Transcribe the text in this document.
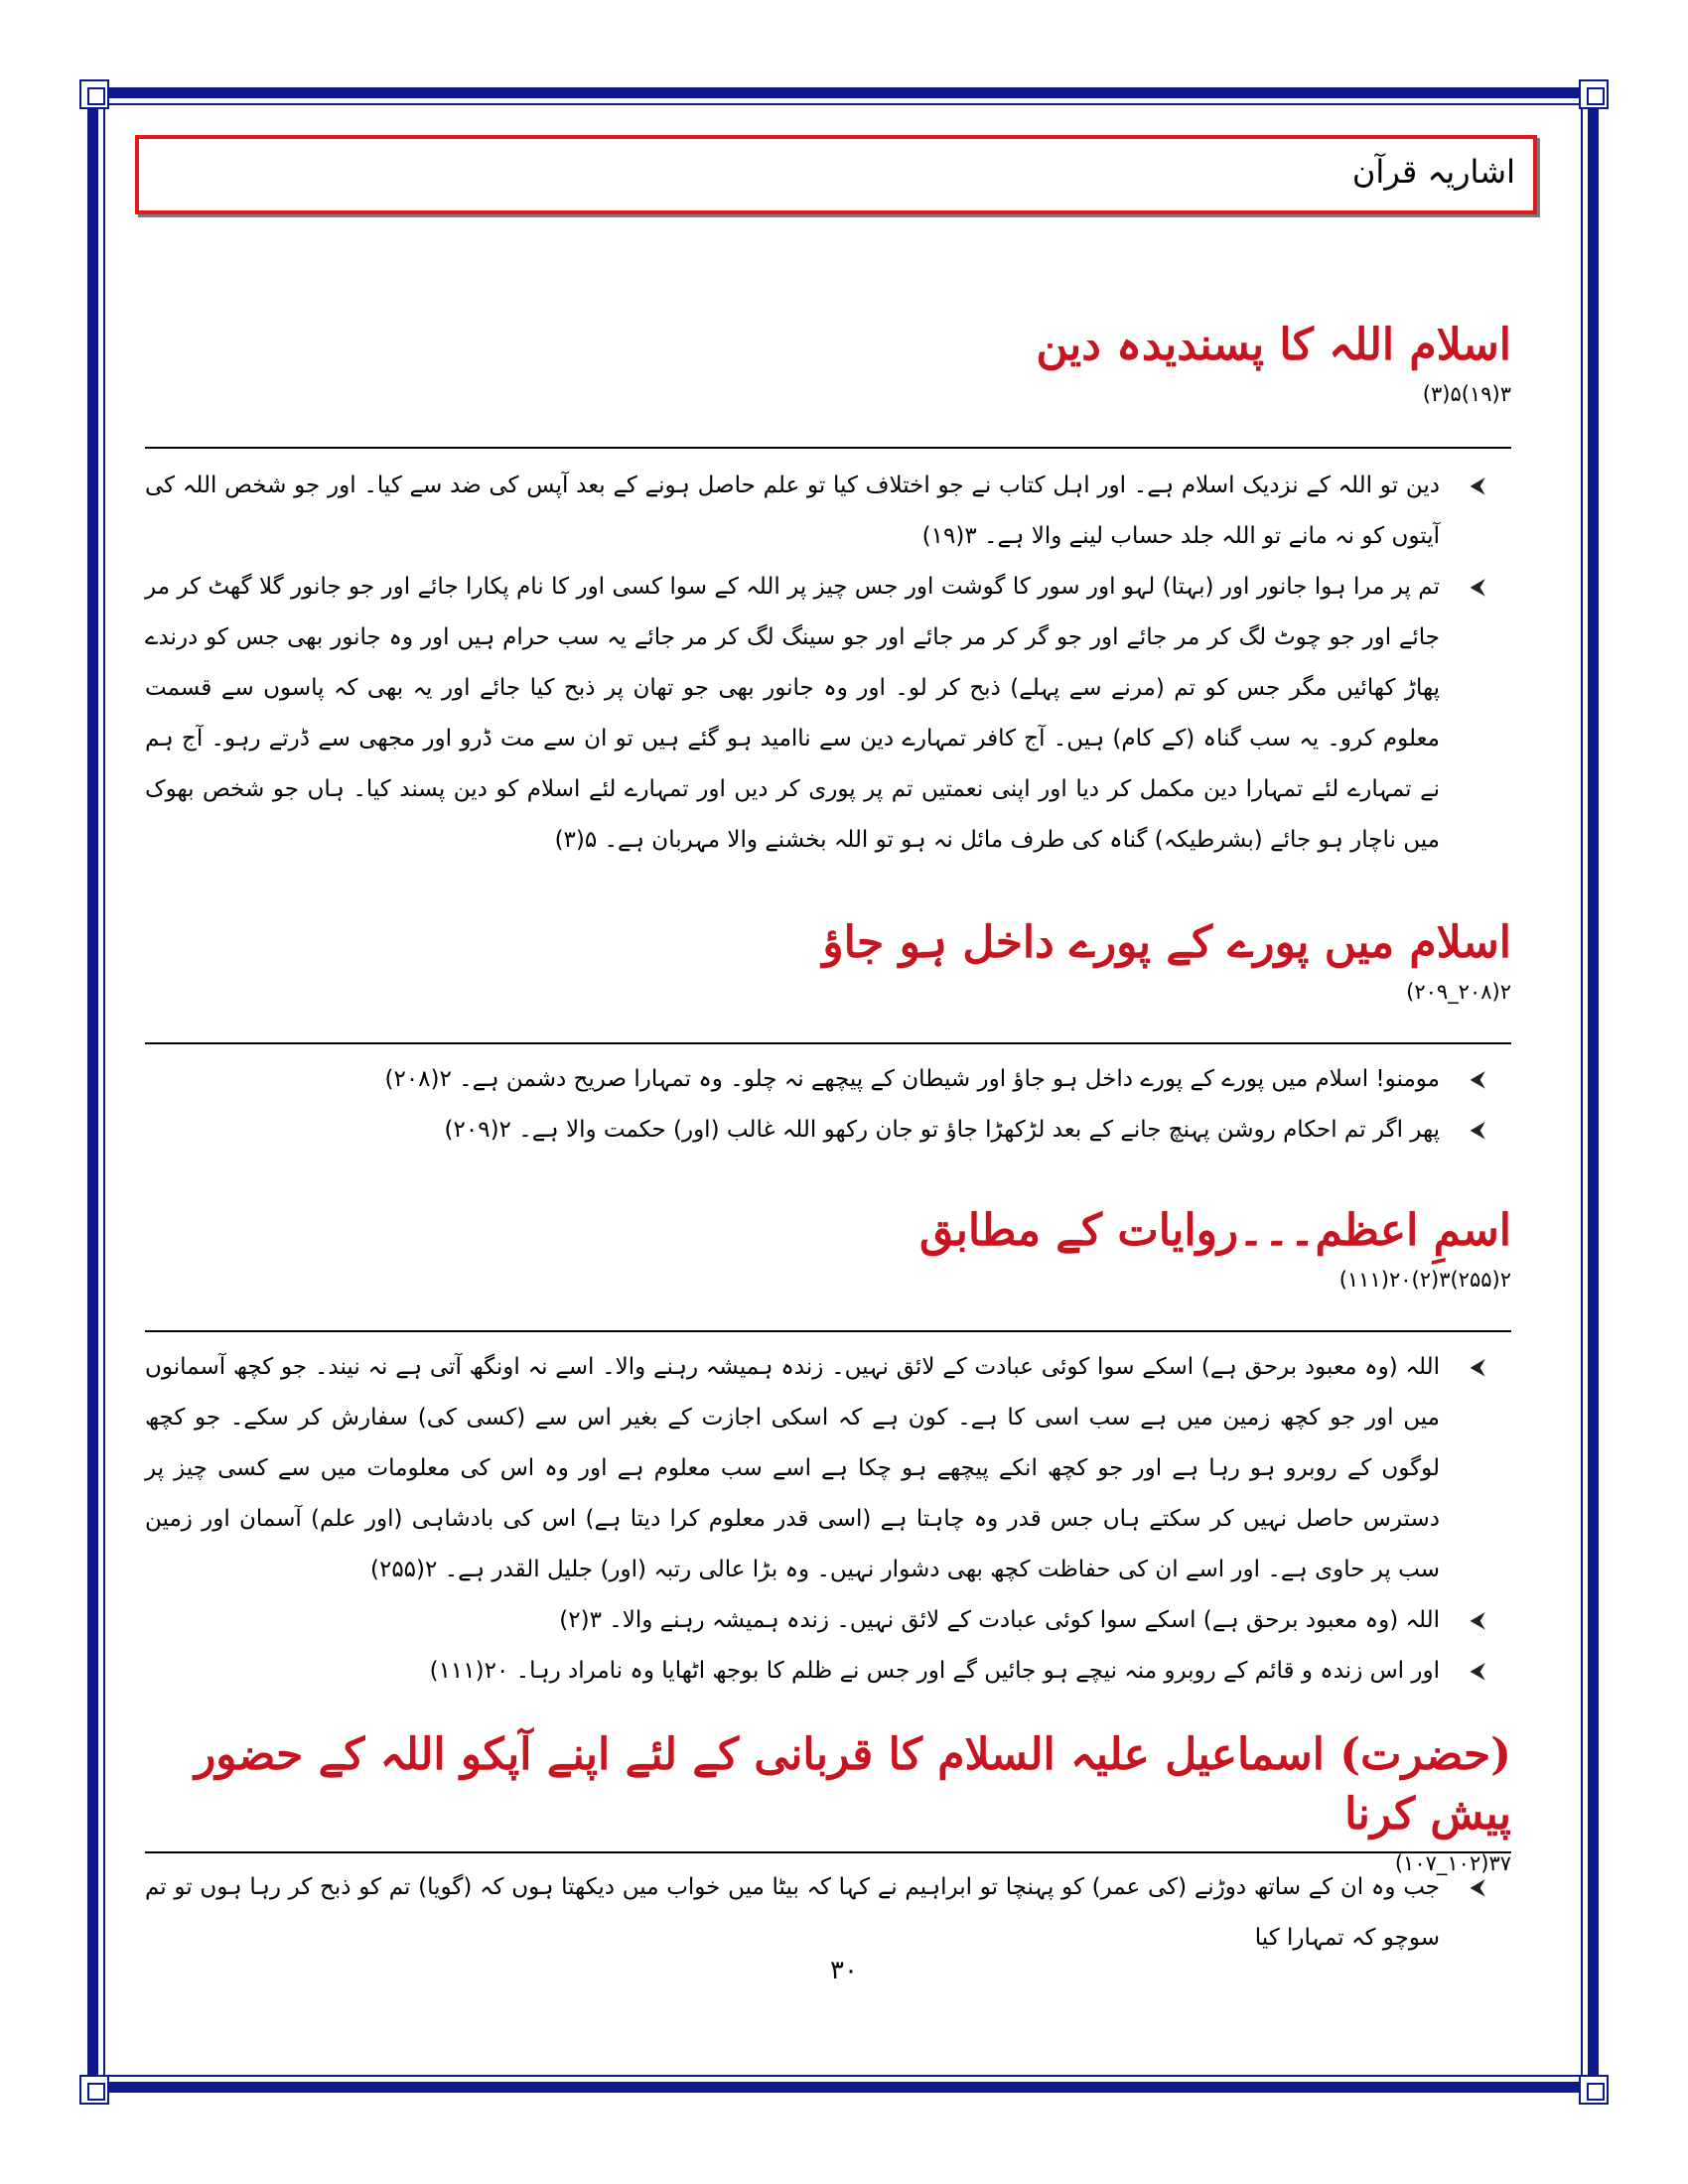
اشاریہ قرآن
اسلام اللہ کا پسندیدہ دین
۳(۱۹)۵(۳)
⮜
دین تو اللہ کے نزدیک اسلام ہے۔ اور اہل کتاب نے جو اختلاف کیا تو علم حاصل ہونے کے بعد آپس کی ضد سے کیا۔ اور جو شخص اللہ کی آیتوں کو نہ مانے تو اللہ جلد حساب لینے والا ہے۔ ۳(۱۹)
⮜
تم پر مرا ہوا جانور اور (بہتا) لہو اور سور کا گوشت اور جس چیز پر اللہ کے سوا کسی اور کا نام پکارا جائے اور جو جانور گلا گھٹ کر مر جائے اور جو چوٹ لگ کر مر جائے اور جو گر کر مر جائے اور جو سینگ لگ کر مر جائے یہ سب حرام ہیں اور وہ جانور بھی جس کو درندے پھاڑ کھائیں مگر جس کو تم (مرنے سے پہلے) ذبح کر لو۔ اور وہ جانور بھی جو تھان پر ذبح کیا جائے اور یہ بھی کہ پاسوں سے قسمت معلوم کرو۔ یہ سب گناہ (کے کام) ہیں۔ آج کافر تمہارے دین سے ناامید ہو گئے ہیں تو ان سے مت ڈرو اور مجھی سے ڈرتے رہو۔ آج ہم نے تمہارے لئے تمہارا دین مکمل کر دیا اور اپنی نعمتیں تم پر پوری کر دیں اور تمہارے لئے اسلام کو دین پسند کیا۔ ہاں جو شخص بھوک میں ناچار ہو جائے (بشرطیکہ) گناہ کی طرف مائل نہ ہو تو اللہ بخشنے والا مہربان ہے۔ ۵(۳)
اسلام میں پورے کے پورے داخل ہو جاؤ
۲(۲۰۸_۲۰۹)
⮜
مومنو! اسلام میں پورے کے پورے داخل ہو جاؤ اور شیطان کے پیچھے نہ چلو۔ وہ تمہارا صریح دشمن ہے۔ ۲(۲۰۸)
⮜
پھر اگر تم احکام روشن پہنچ جانے کے بعد لڑکھڑا جاؤ تو جان رکھو اللہ غالب (اور) حکمت والا ہے۔ ۲(۲۰۹)
اسمِ اعظم۔۔۔روایات کے مطابق
۲(۲۵۵)۳(۲)۲۰(۱۱۱)
⮜
اللہ (وہ معبود برحق ہے) اسکے سوا کوئی عبادت کے لائق نہیں۔ زندہ ہمیشہ رہنے والا۔ اسے نہ اونگھ آتی ہے نہ نیند۔ جو کچھ آسمانوں میں اور جو کچھ زمین میں ہے سب اسی کا ہے۔ کون ہے کہ اسکی اجازت کے بغیر اس سے (کسی کی) سفارش کر سکے۔ جو کچھ لوگوں کے روبرو ہو رہا ہے اور جو کچھ انکے پیچھے ہو چکا ہے اسے سب معلوم ہے اور وہ اس کی معلومات میں سے کسی چیز پر دسترس حاصل نہیں کر سکتے ہاں جس قدر وہ چاہتا ہے (اسی قدر معلوم کرا دیتا ہے) اس کی بادشاہی (اور علم) آسمان اور زمین سب پر حاوی ہے۔ اور اسے ان کی حفاظت کچھ بھی دشوار نہیں۔ وہ بڑا عالی رتبہ (اور) جلیل القدر ہے۔ ۲(۲۵۵)
⮜
اللہ (وہ معبود برحق ہے) اسکے سوا کوئی عبادت کے لائق نہیں۔ زندہ ہمیشہ رہنے والا۔ ۳(۲)
⮜
اور اس زندہ و قائم کے روبرو منہ نیچے ہو جائیں گے اور جس نے ظلم کا بوجھ اٹھایا وہ نامراد رہا۔ ۲۰(۱۱۱)
(حضرت) اسماعیل علیہ السلام کا قربانی کے لئے اپنے آپکو اللہ کے حضور پیش کرنا
۳۷(۱۰۲_۱۰۷)
⮜
جب وہ ان کے ساتھ دوڑنے (کی عمر) کو پہنچا تو ابراہیم نے کہا کہ بیٹا میں خواب میں دیکھتا ہوں کہ (گویا) تم کو ذبح کر رہا ہوں تو تم سوچو کہ تمہارا کیا
۳۰
